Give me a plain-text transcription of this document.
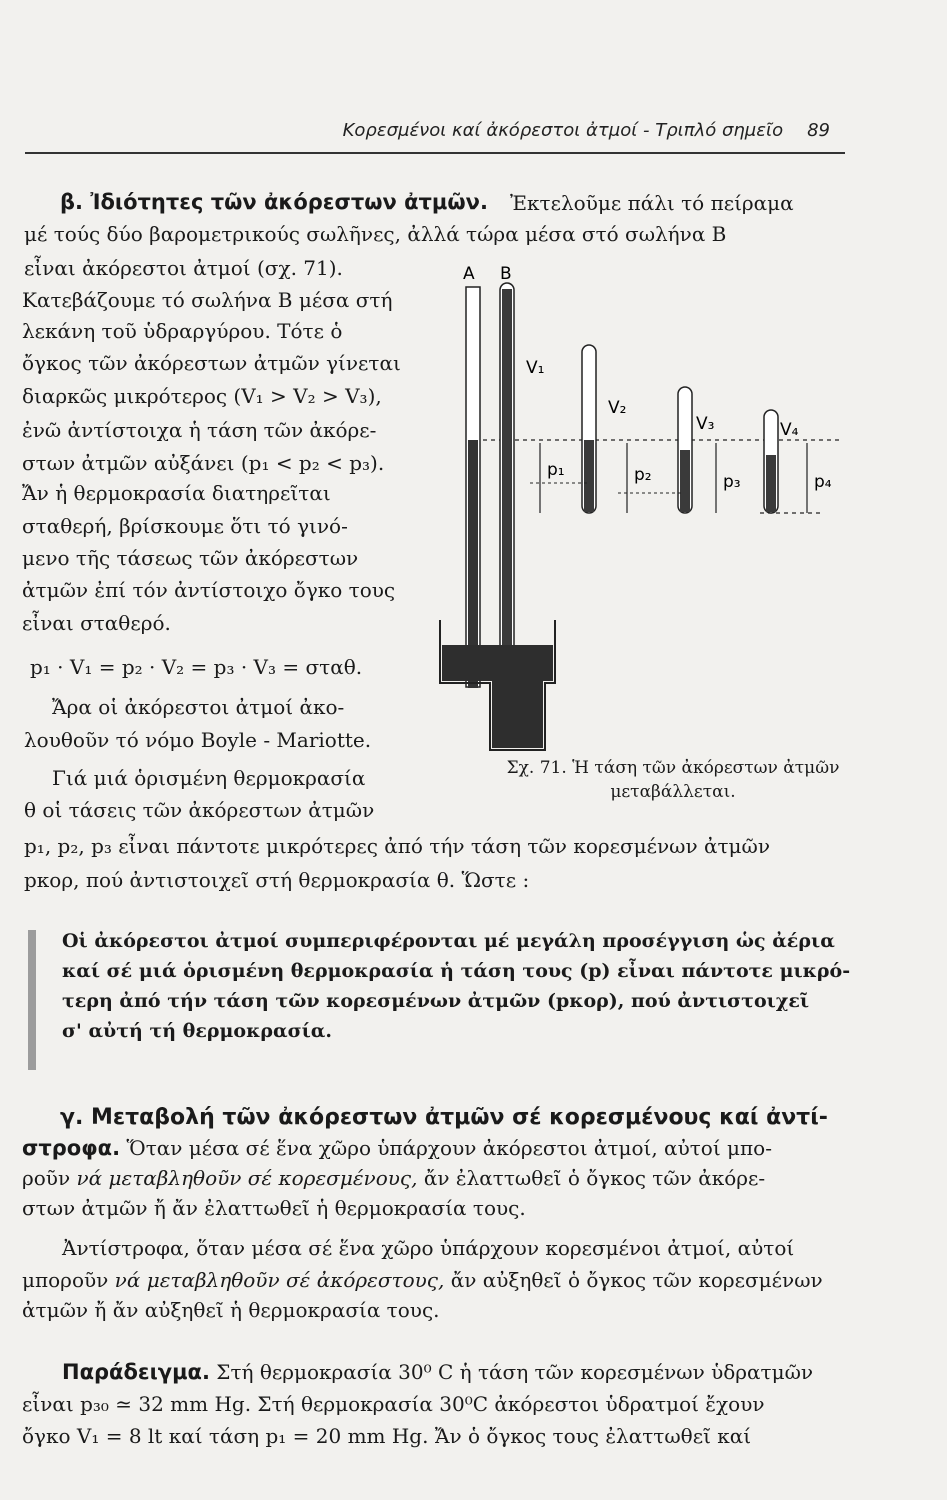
Κορεσμένοι καί ἀκόρεστοι ἀτμοί - Τριπλό σημεῖο 89
β. Ἰδιότητες τῶν ἀκόρεστων ἀτμῶν. Ἐκτελοῦμε πάλι τό πείραμα
μέ τούς δύο βαρομετρικούς σωλῆνες, ἀλλά τώρα μέσα στό σωλήνα Β
εἶναι ἀκόρεστοι ἀτμοί (σχ. 71).
Κατεβάζουμε τό σωλήνα Β μέσα στή
λεκάνη τοῦ ὑδραργύρου. Τότε ὁ
ὄγκος τῶν ἀκόρεστων ἀτμῶν γίνεται
διαρκῶς μικρότερος (V₁ > V₂ > V₃),
ἐνῶ ἀντίστοιχα ἡ τάση τῶν ἀκόρε-
στων ἀτμῶν αὐξάνει (p₁ < p₂ < p₃).
Ἄν ἡ θερμοκρασία διατηρεῖται
σταθερή, βρίσκουμε ὅτι τό γινό-
μενο τῆς τάσεως τῶν ἀκόρεστων
ἀτμῶν ἐπί τόν ἀντίστοιχο ὄγκο τους
εἶναι σταθερό.
p₁ · V₁ = p₂ · V₂ = p₃ · V₃ = σταθ.
Ἄρα οἱ ἀκόρεστοι ἀτμοί ἀκο-
λουθοῦν τό νόμο Boyle - Mariotte.
Γιά μιά ὁρισμένη θερμοκρασία
θ οἱ τάσεις τῶν ἀκόρεστων ἀτμῶν
p₁, p₂, p₃ εἶναι πάντοτε μικρότερες ἀπό τήν τάση τῶν κορεσμένων ἀτμῶν
pκορ, πού ἀντιστοιχεῖ στή θερμοκρασία θ. Ὥστε :
A B
V₁
V₂
V₃	V₄
p₁	p₂	p₃	p₄
Σχ. 71. Ἡ τάση τῶν ἀκόρεστων ἀτμῶν
μεταβάλλεται.

Οἱ ἀκόρεστοι ἀτμοί συμπεριφέρονται μέ μεγάλη προσέγγιση ὡς ἀέρια

καί σέ μιά ὁρισμένη θερμοκρασία ἡ τάση τους (p) εἶναι πάντοτε μικρό-

τερη ἀπό τήν τάση τῶν κορεσμένων ἀτμῶν (pκορ), πού ἀντιστοιχεῖ

σ' αὐτή τή θερμοκρασία.

γ. Μεταβολή τῶν ἀκόρεστων ἀτμῶν σέ κορεσμένους καί ἀντί-
στροφα. Ὅταν μέσα σέ ἕνα χῶρο ὑπάρχουν ἀκόρεστοι ἀτμοί, αὐτοί μπο-
ροῦν νά μεταβληθοῦν σέ κορεσμένους, ἄν ἐλαττωθεῖ ὁ ὄγκος τῶν ἀκόρε-
στων ἀτμῶν ἤ ἄν ἐλαττωθεῖ ἡ θερμοκρασία τους.
Ἀντίστροφα, ὅταν μέσα σέ ἕνα χῶρο ὑπάρχουν κορεσμένοι ἀτμοί, αὐτοί
μποροῦν νά μεταβληθοῦν σέ ἀκόρεστους, ἄν αὐξηθεῖ ὁ ὄγκος τῶν κορεσμένων
ἀτμῶν ἤ ἄν αὐξηθεῖ ἡ θερμοκρασία τους.
Παράδειγμα. Στή θερμοκρασία 30⁰ C ἡ τάση τῶν κορεσμένων ὑδρατμῶν
εἶναι p₃₀ ≃ 32 mm Hg. Στή θερμοκρασία 30⁰C ἀκόρεστοι ὑδρατμοί ἔχουν
ὄγκο V₁ = 8 lt καί τάση p₁ = 20 mm Hg. Ἄν ὁ ὄγκος τους ἐλαττωθεῖ καί
